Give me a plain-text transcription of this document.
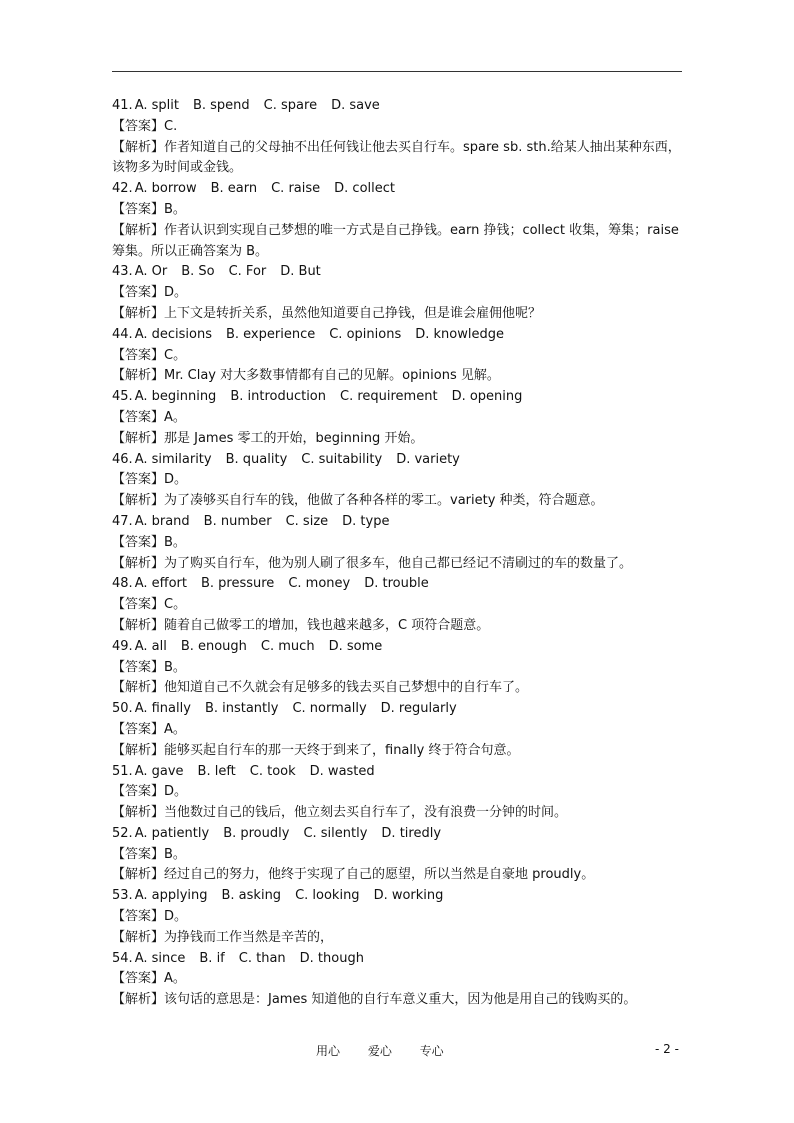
41. A. split B. spend C. spare D. save
【答案】C.
【解析】作者知道自己的父母抽不出任何钱让他去买自行车。spare sb. sth.给某人抽出某种东西，该物多为时间或金钱。
42. A. borrow B. earn C. raise D. collect
【答案】B。
【解析】作者认识到实现自己梦想的唯一方式是自己挣钱。earn 挣钱；collect 收集，筹集；raise 筹集。所以正确答案为 B。
43. A. Or B. So C. For D. But
【答案】D。
【解析】上下文是转折关系，虽然他知道要自己挣钱，但是谁会雇佣他呢？
44. A. decisions B. experience C. opinions D. knowledge
【答案】C。
【解析】Mr. Clay 对大多数事情都有自己的见解。opinions 见解。
45. A. beginning B. introduction C. requirement D. opening
【答案】A。
【解析】那是 James 零工的开始，beginning 开始。
46. A. similarity B. quality C. suitability D. variety
【答案】D。
【解析】为了凑够买自行车的钱，他做了各种各样的零工。variety 种类，符合题意。
47. A. brand B. number C. size D. type
【答案】B。
【解析】为了购买自行车，他为别人刷了很多车，他自己都已经记不清刷过的车的数量了。
48. A. effort B. pressure C. money D. trouble
【答案】C。
【解析】随着自己做零工的增加，钱也越来越多，C 项符合题意。
49. A. all B. enough C. much D. some
【答案】B。
【解析】他知道自己不久就会有足够多的钱去买自己梦想中的自行车了。
50. A. finally B. instantly C. normally D. regularly
【答案】A。
【解析】能够买起自行车的那一天终于到来了，finally 终于符合句意。
51. A. gave B. left C. took D. wasted
【答案】D。
【解析】当他数过自己的钱后，他立刻去买自行车了，没有浪费一分钟的时间。
52. A. patiently B. proudly C. silently D. tiredly
【答案】B。
【解析】经过自己的努力，他终于实现了自己的愿望，所以当然是自豪地 proudly。
53. A. applying B. asking C. looking D. working
【答案】D。
【解析】为挣钱而工作当然是辛苦的，
54. A. since B. if C. than D. though
【答案】A。
【解析】该句话的意思是：James 知道他的自行车意义重大，因为他是用自己的钱购买的。
用心 爱心 专心	- 2 -
